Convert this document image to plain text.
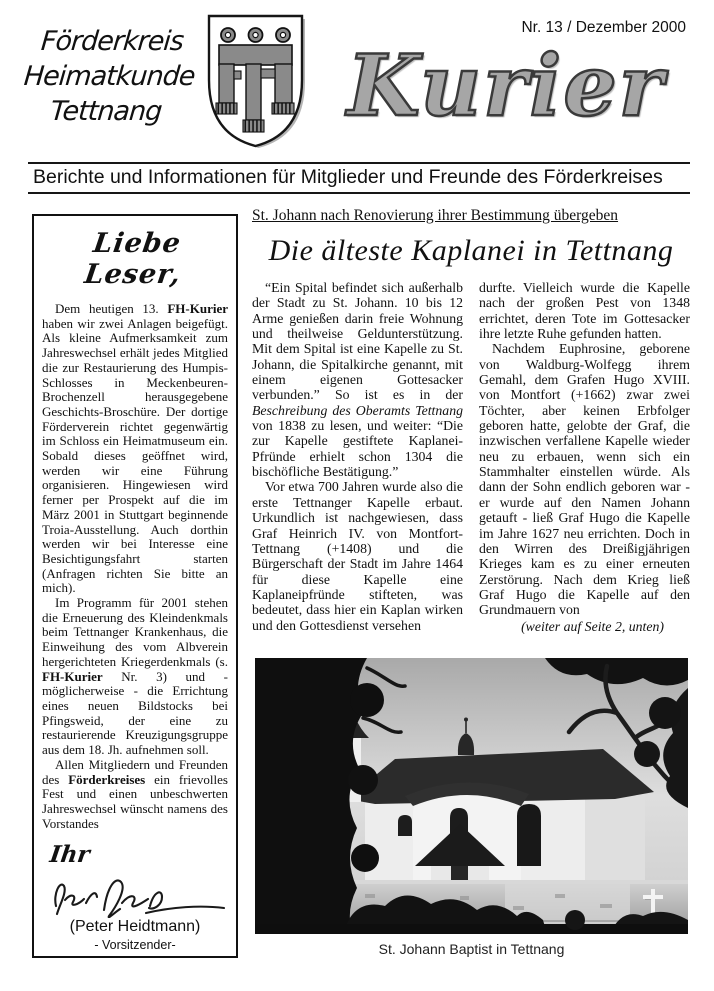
Förderkreis
Heimatkunde
Tettnang	Kurier
Nr. 13 / Dezember 2000
Berichte und Informationen für Mitglieder und Freunde des Förderkreises
Liebe Leser,

Dem heutigen 13. FH-Kurier haben wir zwei Anlagen beigefügt. Als kleine Aufmerksamkeit zum Jahreswechsel erhält jedes Mitglied die zur Restaurierung des Humpis-Schlosses in Meckenbeuren-Brochenzell herausgegebene Geschichts-Broschüre. Der dortige Förderverein richtet gegenwärtig im Schloss ein Heimatmuseum ein. Sobald dieses geöffnet wird, werden wir eine Führung organisieren. Hingewiesen wird ferner per Prospekt auf die im März 2001 in Stuttgart beginnende Troia-Ausstellung. Auch dorthin werden wir bei Interesse eine Besichtigungsfahrt starten (Anfragen richten Sie bitte an mich).

Im Programm für 2001 stehen die Erneuerung des Kleindenkmals beim Tettnanger Krankenhaus, die Einweihung des vom Albverein hergerichteten Kriegerdenkmals (s. FH-Kurier Nr. 3) und - möglicherweise - die Errichtung eines neuen Bildstocks bei Pfingsweid, der eine zu restaurierende Kreuzigungsgruppe aus dem 18. Jh. aufnehmen soll.

Allen Mitgliedern und Freunden des Förderkreises ein frievolles Fest und einen unbeschwerten Jahreswechsel wünscht namens des Vorstandes

Ihr
(Peter Heidtmann)
- Vorsitzender-
St. Johann nach Renovierung ihrer Bestimmung übergeben
Die älteste Kaplanei in Tettnang

“Ein Spital befindet sich außerhalb der Stadt zu St. Johann. 10 bis 12 Arme genießen darin freie Wohnung und theilweise Geldunterstützung. Mit dem Spital ist eine Kapelle zu St. Johann, die Spitalkirche genannt, mit einem eigenen Gottesacker verbunden.” So ist es in der Beschreibung des Oberamts Tettnang von 1838 zu lesen, und weiter: “Die zur Kapelle gestiftete Kaplanei-Pfründe erhielt schon 1304 die bischöfliche Bestätigung.”

Vor etwa 700 Jahren wurde also die erste Tettnanger Kapelle erbaut. Urkundlich ist nachgewiesen, dass Graf Heinrich IV. von Montfort-Tettnang (+1408) und die Bürgerschaft der Stadt im Jahre 1464 für diese Kapelle eine Kaplaneipfründe stifteten, was bedeutet, dass hier ein Kaplan wirken und den Gottesdienst versehen

durfte. Vielleich wurde die Kapelle nach der großen Pest von 1348 errichtet, deren Tote im Gottesacker ihre letzte Ruhe gefunden hatten.

Nachdem Euphrosine, geborene von Waldburg-Wolfegg ihrem Gemahl, dem Grafen Hugo XVIII. von Montfort (+1662) zwar zwei Töchter, aber keinen Erbfolger geboren hatte, gelobte der Graf, die inzwischen verfallene Kapelle wieder neu zu erbauen, wenn sich ein Stammhalter einstellen würde. Als dann der Sohn endlich geboren war - er wurde auf den Namen Johann getauft - ließ Graf Hugo die Kapelle im Jahre 1627 neu errichten. Doch in den Wirren des Dreißigjährigen Krieges kam es zu einer erneuten Zerstörung. Nach dem Krieg ließ Graf Hugo die Kapelle auf den Grundmauern von

(weiter auf Seite 2, unten)
St. Johann Baptist in Tettnang
